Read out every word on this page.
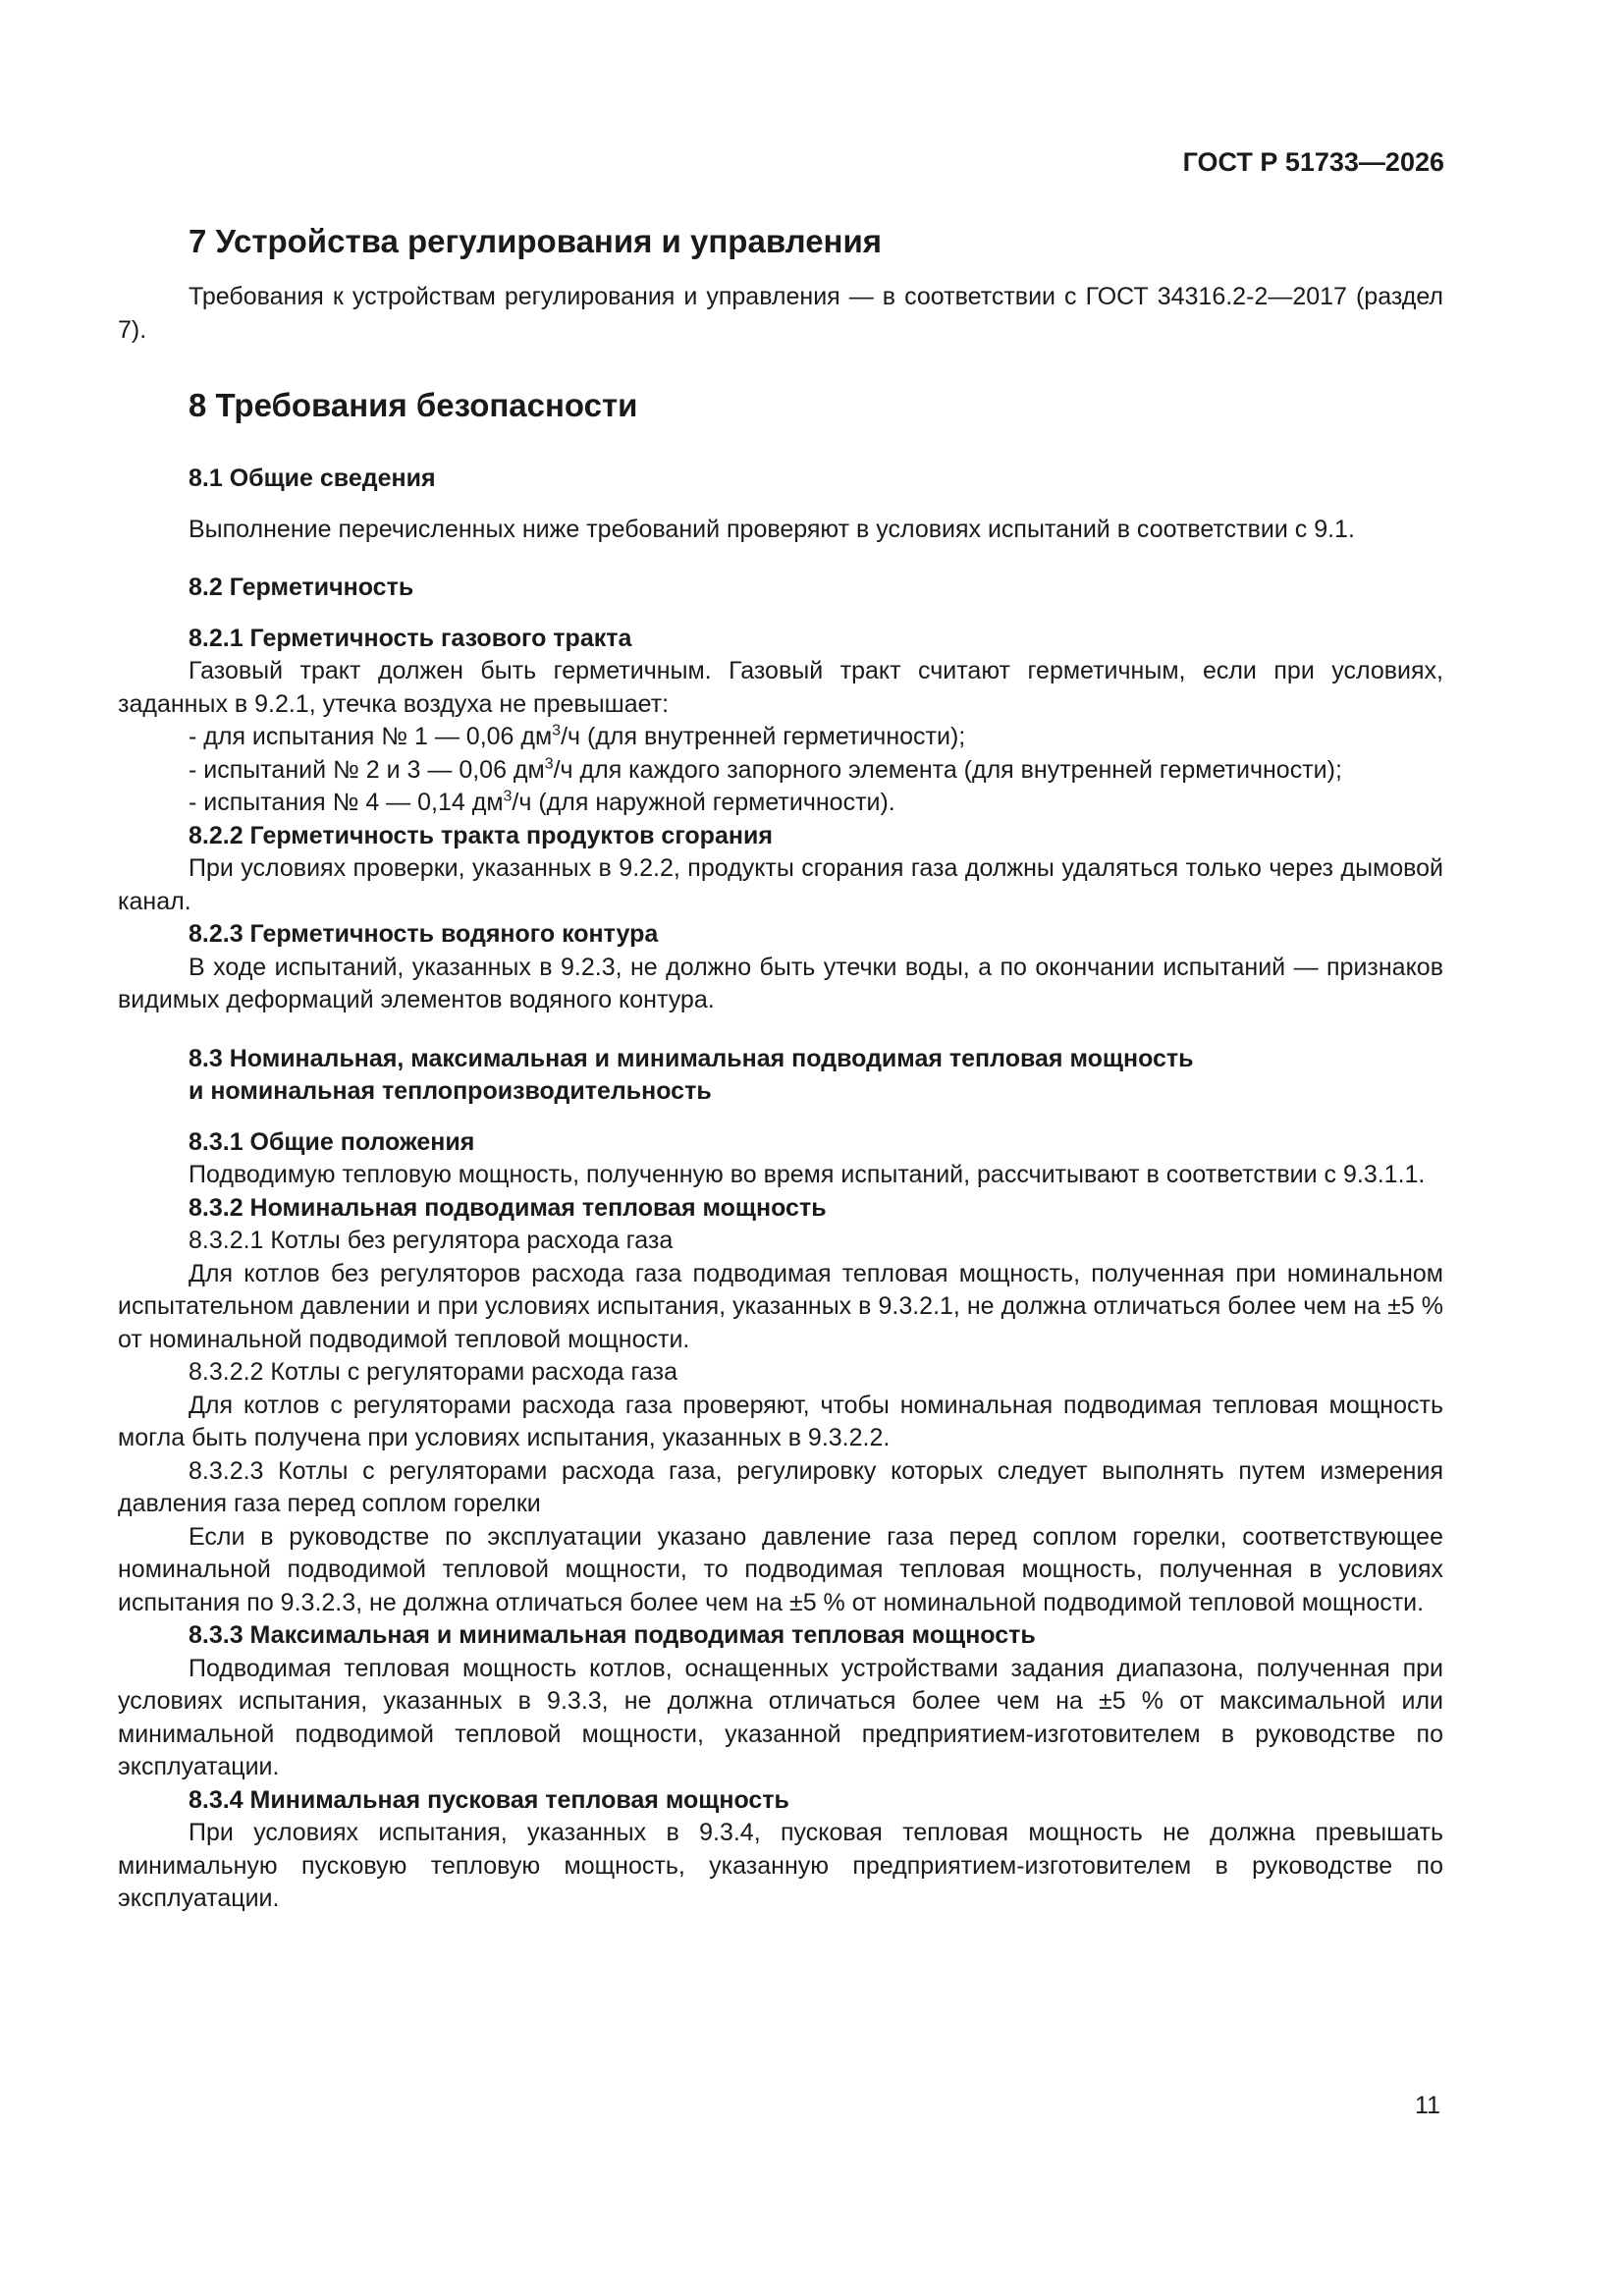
ГОСТ Р 51733—2026
7 Устройства регулирования и управления

Требования к устройствам регулирования и управления — в соответствии с ГОСТ 34316.2-2—2017 (раздел 7).

8 Требования безопасности

8.1 Общие сведения

Выполнение перечисленных ниже требований проверяют в условиях испытаний в соответствии с 9.1.

8.2 Герметичность

8.2.1 Герметичность газового тракта

Газовый тракт должен быть герметичным. Газовый тракт считают герметичным, если при условиях, заданных в 9.2.1, утечка воздуха не превышает:

- для испытания № 1 — 0,06 $дм^3/ч$ (для внутренней герметичности);

- испытаний № 2 и 3 — 0,06 $дм^3/ч$ для каждого запорного элемента (для внутренней герметичности);

- испытания № 4 — 0,14 $дм^3/ч$ (для наружной герметичности).

8.2.2 Герметичность тракта продуктов сгорания

При условиях проверки, указанных в 9.2.2, продукты сгорания газа должны удаляться только через дымовой канал.

8.2.3 Герметичность водяного контура

В ходе испытаний, указанных в 9.2.3, не должно быть утечки воды, а по окончании испытаний — признаков видимых деформаций элементов водяного контура.

8.3 Номинальная, максимальная и минимальная подводимая тепловая мощность

и номинальная теплопроизводительность

8.3.1 Общие положения

Подводимую тепловую мощность, полученную во время испытаний, рассчитывают в соответствии с 9.3.1.1.

8.3.2 Номинальная подводимая тепловая мощность

8.3.2.1 Котлы без регулятора расхода газа

Для котлов без регуляторов расхода газа подводимая тепловая мощность, полученная при номинальном испытательном давлении и при условиях испытания, указанных в 9.3.2.1, не должна отличаться более чем на ±5 % от номинальной подводимой тепловой мощности.

8.3.2.2 Котлы с регуляторами расхода газа

Для котлов с регуляторами расхода газа проверяют, чтобы номинальная подводимая тепловая мощность могла быть получена при условиях испытания, указанных в 9.3.2.2.

8.3.2.3 Котлы с регуляторами расхода газа, регулировку которых следует выполнять путем измерения давления газа перед соплом горелки

Если в руководстве по эксплуатации указано давление газа перед соплом горелки, соответствующее номинальной подводимой тепловой мощности, то подводимая тепловая мощность, полученная в условиях испытания по 9.3.2.3, не должна отличаться более чем на ±5 % от номинальной подводимой тепловой мощности.

8.3.3 Максимальная и минимальная подводимая тепловая мощность

Подводимая тепловая мощность котлов, оснащенных устройствами задания диапазона, полученная при условиях испытания, указанных в 9.3.3, не должна отличаться более чем на ±5 % от максимальной или минимальной подводимой тепловой мощности, указанной предприятием-изготовителем в руководстве по эксплуатации.

8.3.4 Минимальная пусковая тепловая мощность

При условиях испытания, указанных в 9.3.4, пусковая тепловая мощность не должна превышать минимальную пусковую тепловую мощность, указанную предприятием-изготовителем в руководстве по эксплуатации.

11
